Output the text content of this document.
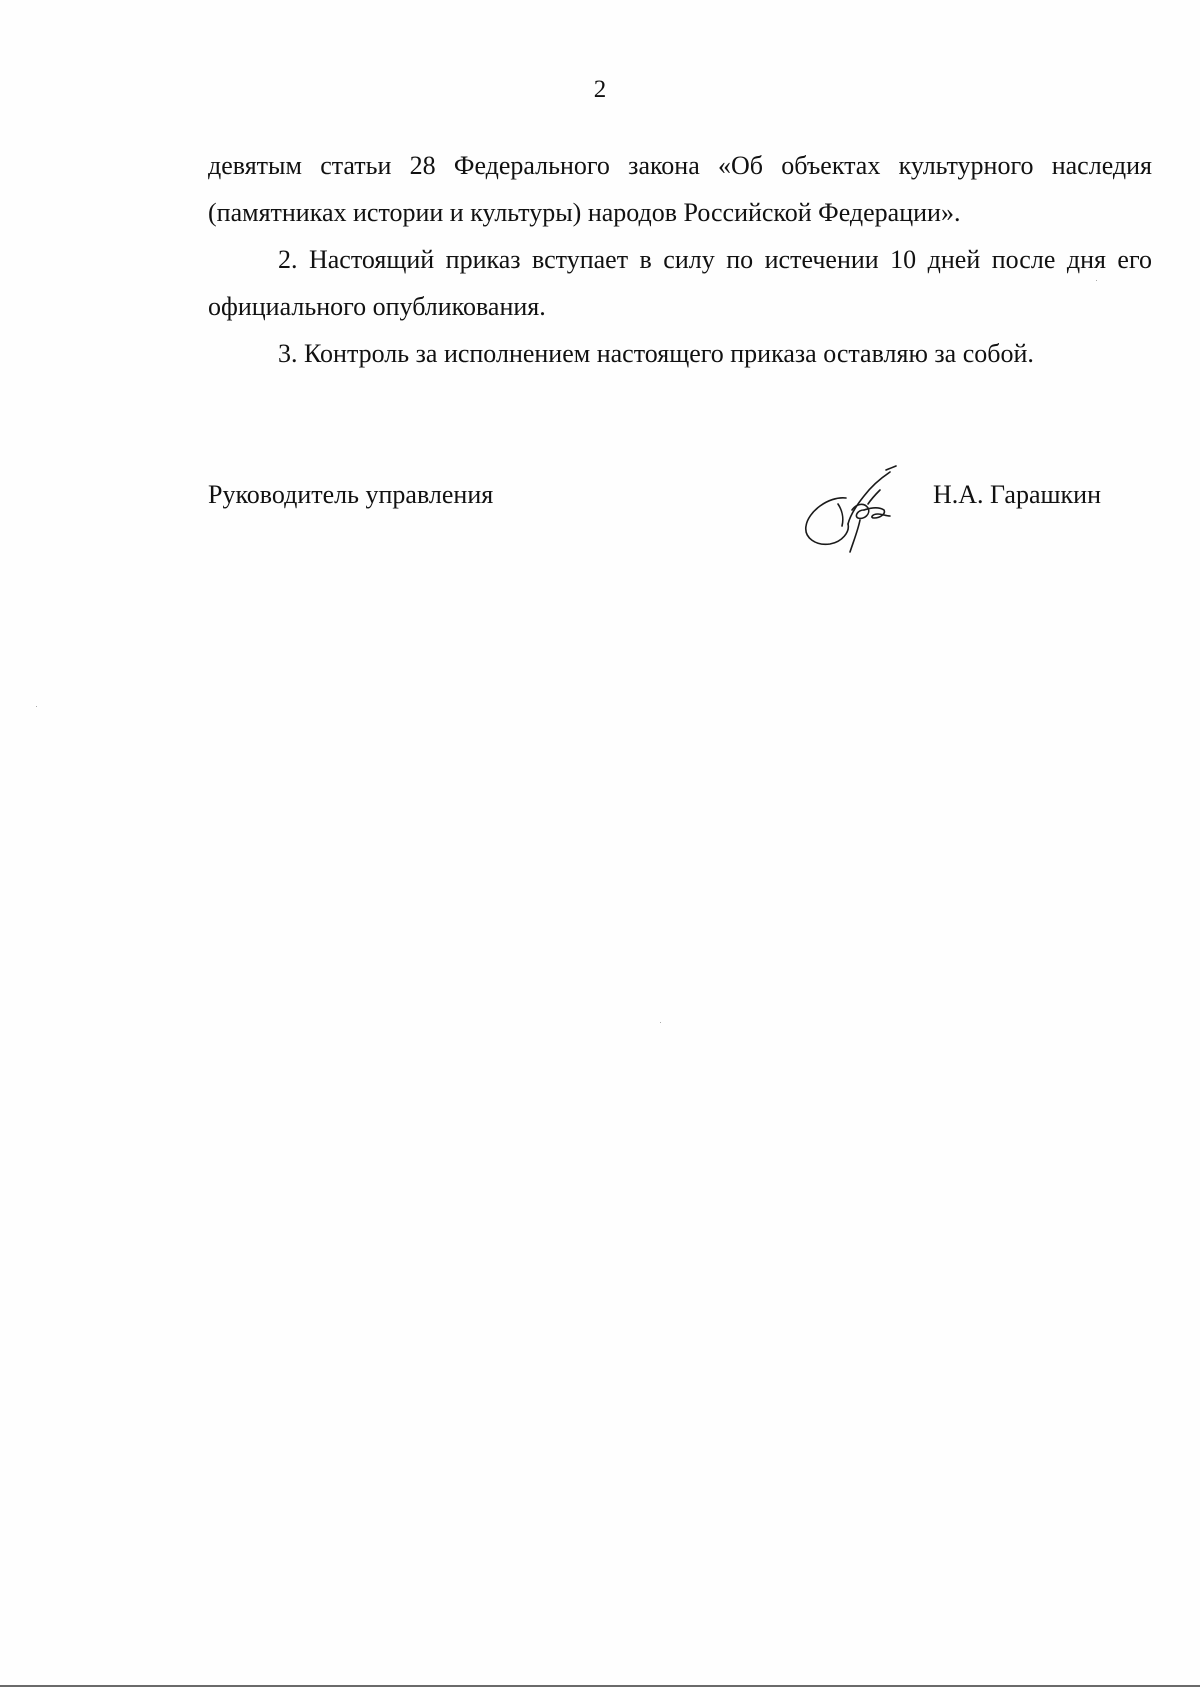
2

девятым статьи 28 Федерального закона «Об объектах культурного наследия (памятниках истории и культуры) народов Российской Федерации».

2. Настоящий приказ вступает в силу по истечении 10 дней после дня его официального опубликования.

3. Контроль за исполнением настоящего приказа оставляю за собой.

Руководитель управления	Н.А. Гарашкин
